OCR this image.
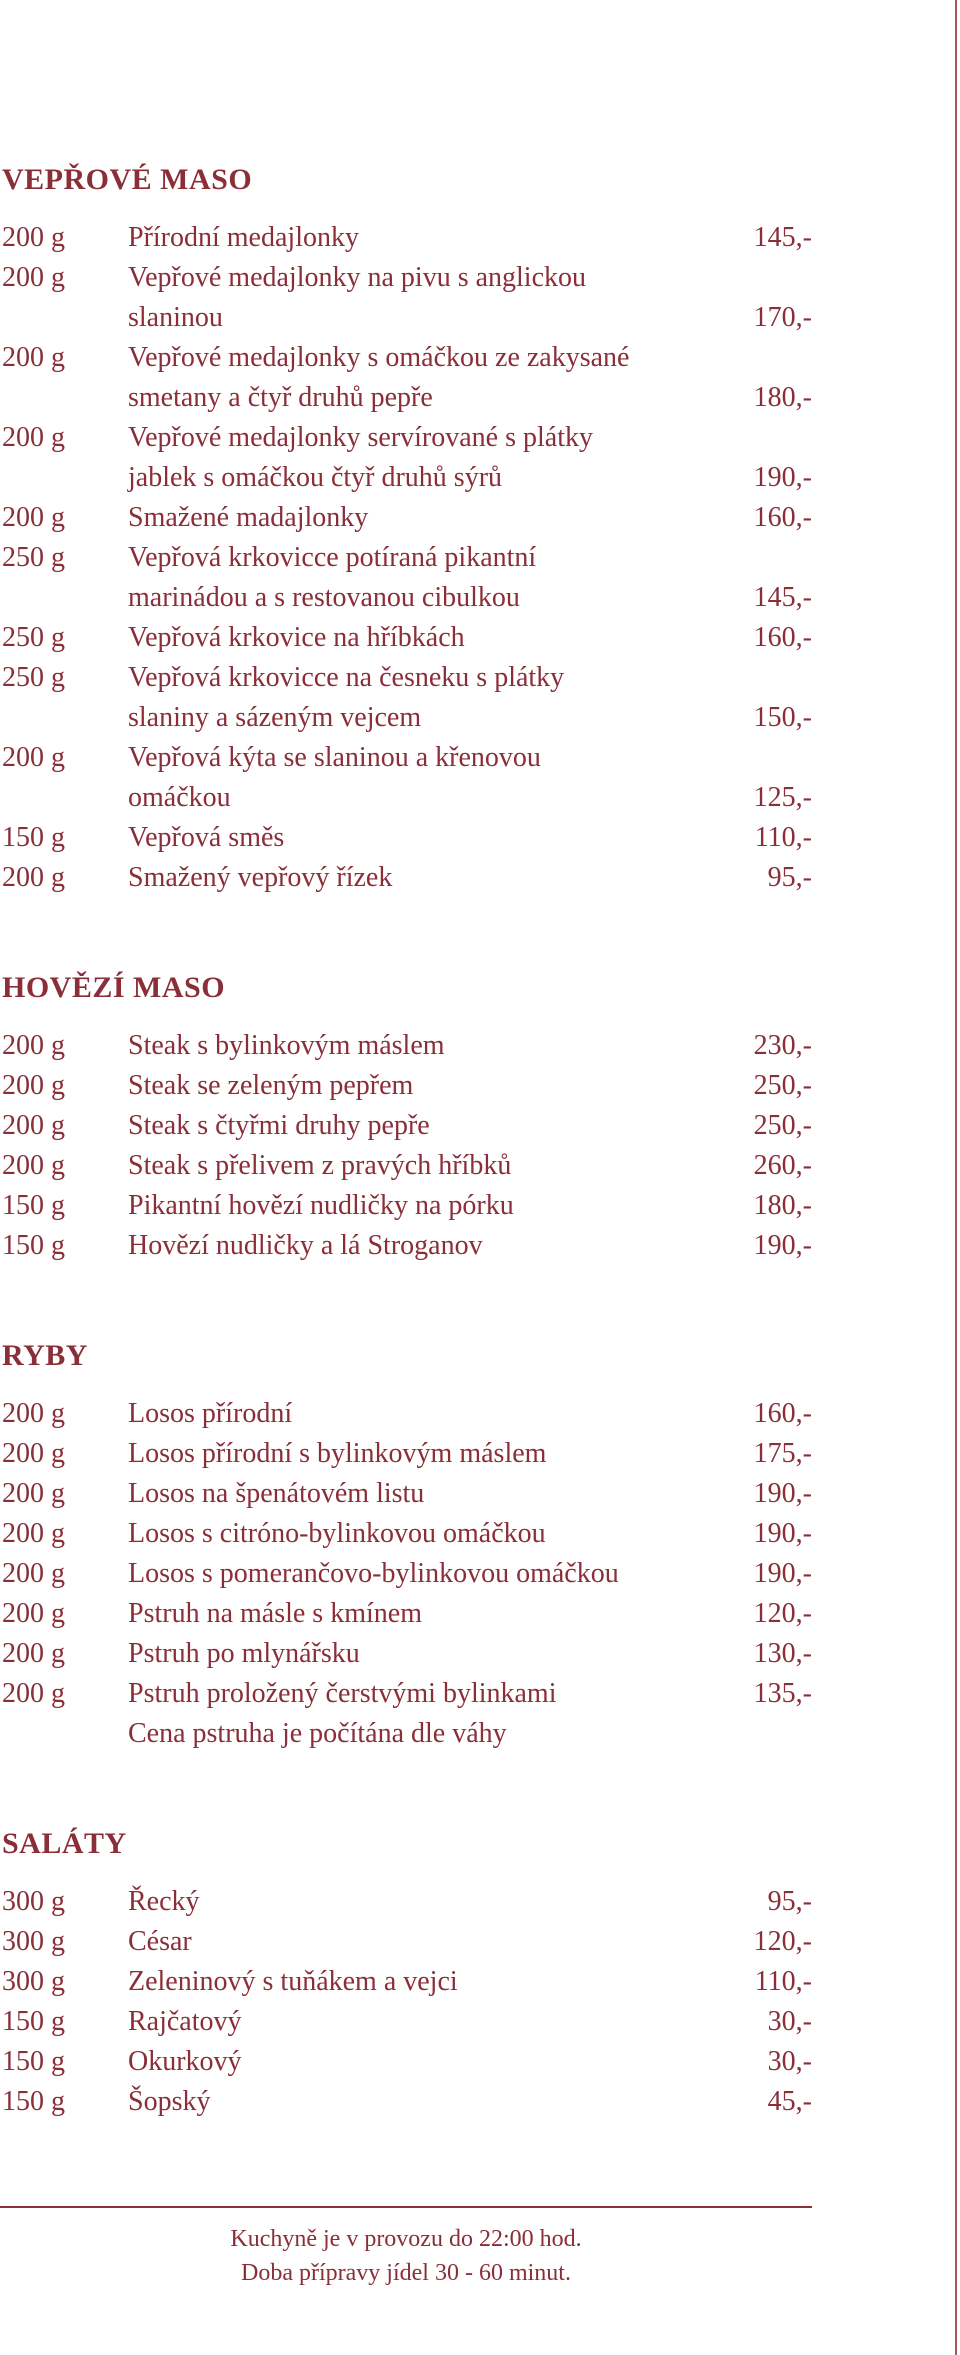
VEPŘOVÉ MASO
200 g	Přírodní medajlonky	145,-
200 g	Vepřové medajlonky na pivu s anglickou
slaninou	170,-
200 g	Vepřové medajlonky s omáčkou ze zakysané
smetany a čtyř druhů pepře	180,-
200 g	Vepřové medajlonky servírované s plátky
jablek s omáčkou čtyř druhů sýrů	190,-
200 g	Smažené madajlonky	160,-
250 g	Vepřová krkovicce potíraná pikantní
marinádou a s restovanou cibulkou	145,-
250 g	Vepřová krkovice na hříbkách	160,-
250 g	Vepřová krkovicce na česneku s plátky
slaniny a sázeným vejcem	150,-
200 g	Vepřová kýta se slaninou a křenovou
omáčkou	125,-
150 g	Vepřová směs	110,-
200 g	Smažený vepřový řízek	95,-
HOVĚZÍ MASO
200 g	Steak s bylinkovým máslem	230,-
200 g	Steak se zeleným pepřem	250,-
200 g	Steak s čtyřmi druhy pepře	250,-
200 g	Steak s přelivem z pravých hříbků	260,-
150 g	Pikantní hovězí nudličky na pórku	180,-
150 g	Hovězí nudličky a lá Stroganov	190,-
RYBY
200 g	Losos přírodní	160,-
200 g	Losos přírodní s bylinkovým máslem	175,-
200 g	Losos na špenátovém listu	190,-
200 g	Losos s citróno-bylinkovou omáčkou	190,-
200 g	Losos s pomerančovo-bylinkovou omáčkou	190,-
200 g	Pstruh na másle s kmínem	120,-
200 g	Pstruh po mlynářsku	130,-
200 g	Pstruh proložený čerstvými bylinkami	135,-
Cena pstruha je počítána dle váhy
SALÁTY
300 g	Řecký	95,-
300 g	César	120,-
300 g	Zeleninový s tuňákem a vejci	110,-
150 g	Rajčatový	30,-
150 g	Okurkový	30,-
150 g	Šopský	45,-
Kuchyně je v provozu do 22:00 hod.
Doba přípravy jídel 30 - 60 minut.
